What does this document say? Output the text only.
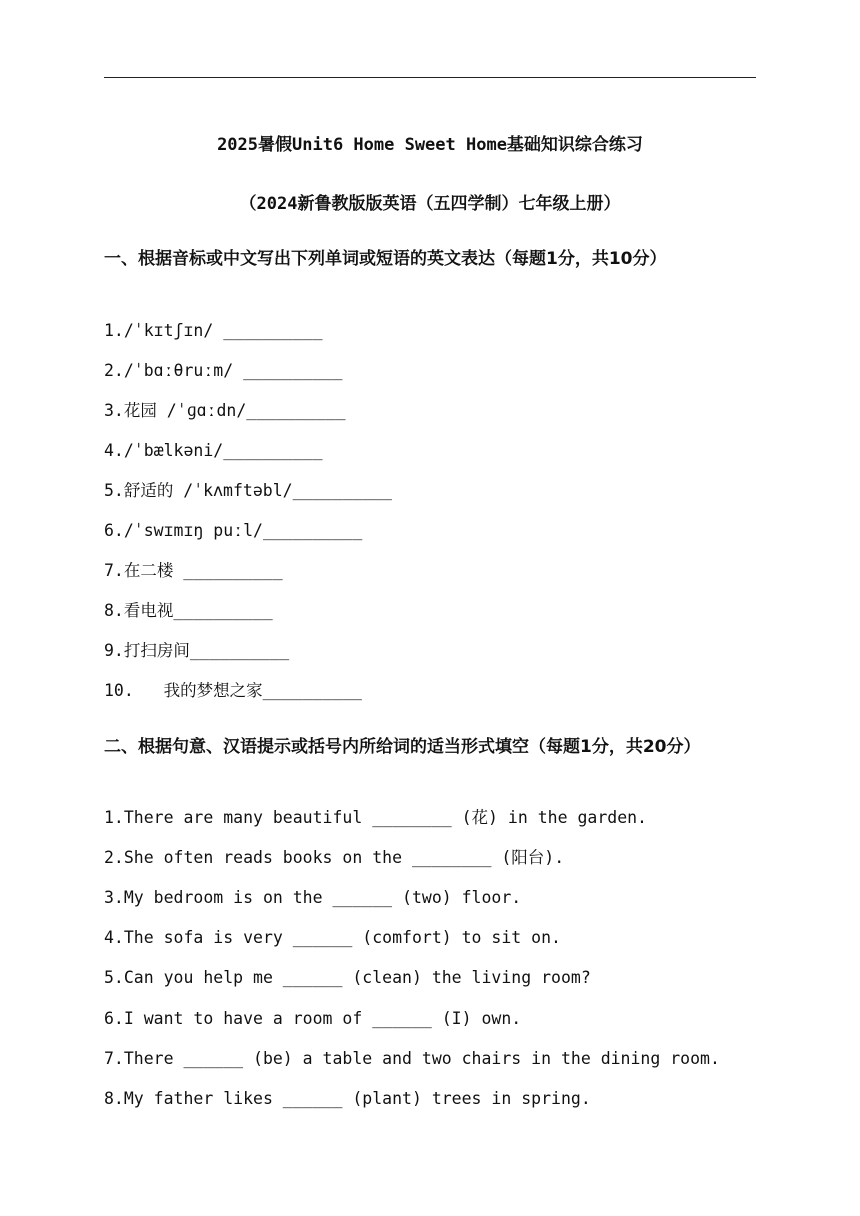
2025暑假Unit6 Home Sweet Home基础知识综合练习
（2024新鲁教版版英语（五四学制）七年级上册）
一、根据音标或中文写出下列单词或短语的英文表达（每题1分，共10分）
1./ˈkɪtʃɪn/ __________
2./ˈbɑːθruːm/ __________
3.花园 /ˈɡɑːdn/__________
4./ˈbælkəni/__________
5.舒适的 /ˈkʌmftəbl/__________
6./ˈswɪmɪŋ puːl/__________
7.在二楼 __________
8.看电视__________
9.打扫房间__________
10.   我的梦想之家__________
二、根据句意、汉语提示或括号内所给词的适当形式填空（每题1分，共20分）
1.There are many beautiful ________ (花) in the garden.
2.She often reads books on the ________ (阳台).
3.My bedroom is on the ______ (two) floor.
4.The sofa is very ______ (comfort) to sit on.
5.Can you help me ______ (clean) the living room?
6.I want to have a room of ______ (I) own.
7.There ______ (be) a table and two chairs in the dining room.
8.My father likes ______ (plant) trees in spring.
